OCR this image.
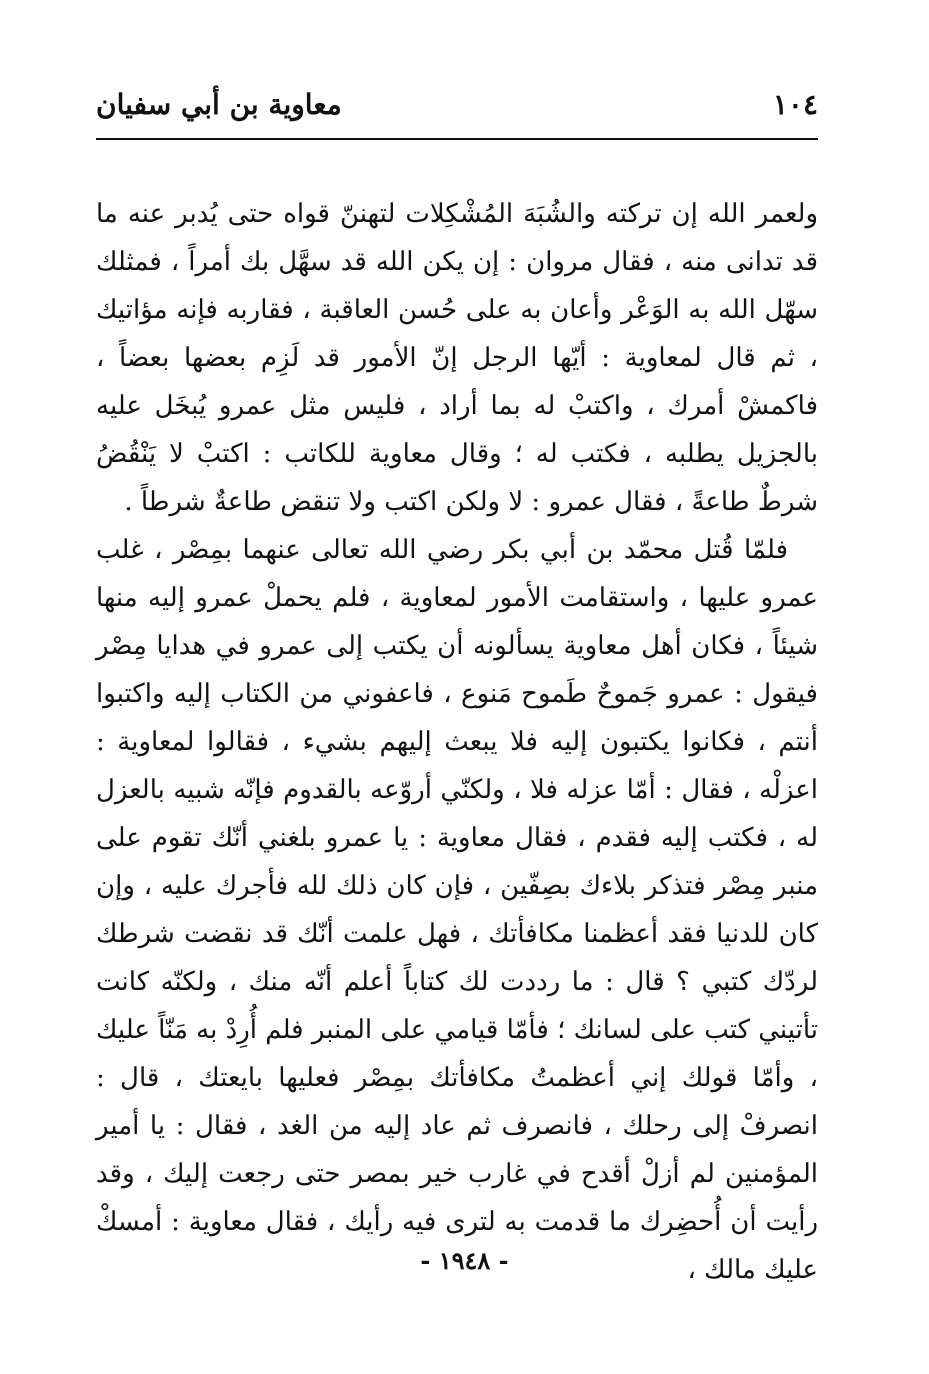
١٠٤
معاوية بن أبي سفيان

ولعمر الله إن تركته والشُبَهَ المُشْكِلات لتهننّ قواه حتى يُدبر عنه ما قد تدانى منه ، فقال مروان : إن يكن الله قد سهَّل بك أمراً ، فمثلك سهّل الله به الوَعْر وأعان به على حُسن العاقبة ، فقاربه فإنه مؤاتيك ، ثم قال لمعاوية : أيّها الرجل إنّ الأمور قد لَزِم بعضها بعضاً ، فاكمشْ أمرك ، واكتبْ له بما أراد ، فليس مثل عمرو يُبخَل عليه بالجزيل يطلبه ، فكتب له ؛ وقال معاوية للكاتب : اكتبْ لا يَنْقُضُ شرطٌ طاعةً ، فقال عمرو : لا ولكن اكتب ولا تنقض طاعةٌ شرطاً .

فلمّا قُتل محمّد بن أبي بكر رضي الله تعالى عنهما بمِصْر ، غلب عمرو عليها ، واستقامت الأمور لمعاوية ، فلم يحملْ عمرو إليه منها شيئاً ، فكان أهل معاوية يسألونه أن يكتب إلى عمرو في هدايا مِصْر فيقول : عمرو جَموحٌ طَموح مَنوع ، فاعفوني من الكتاب إليه واكتبوا أنتم ، فكانوا يكتبون إليه فلا يبعث إليهم بشيء ، فقالوا لمعاوية : اعزلْه ، فقال : أمّا عزله فلا ، ولكنّي أروّعه بالقدوم فإنّه شبيه بالعزل له ، فكتب إليه فقدم ، فقال معاوية : يا عمرو بلغني أنّك تقوم على منبر مِصْر فتذكر بلاءك بصِفّين ، فإن كان ذلك لله فأجرك عليه ، وإن كان للدنيا فقد أعظمنا مكافأتك ، فهل علمت أنّك قد نقضت شرطك لردّك كتبي ؟ قال : ما رددت لك كتاباً أعلم أنّه منك ، ولكنّه كانت تأتيني كتب على لسانك ؛ فأمّا قيامي على المنبر فلم أُرِدْ به مَنّاً عليك ، وأمّا قولك إني أعظمتُ مكافأتك بمِصْر فعليها بايعتك ، قال : انصرفْ إلى رحلك ، فانصرف ثم عاد إليه من الغد ، فقال : يا أمير المؤمنين لم أزلْ أقدح في غارب خير بمصر حتى رجعت إليك ، وقد رأيت أن أُحضِرك ما قدمت به لترى فيه رأيك ، فقال معاوية : أمسكْ عليك مالك ،

- ١٩٤٨ -
